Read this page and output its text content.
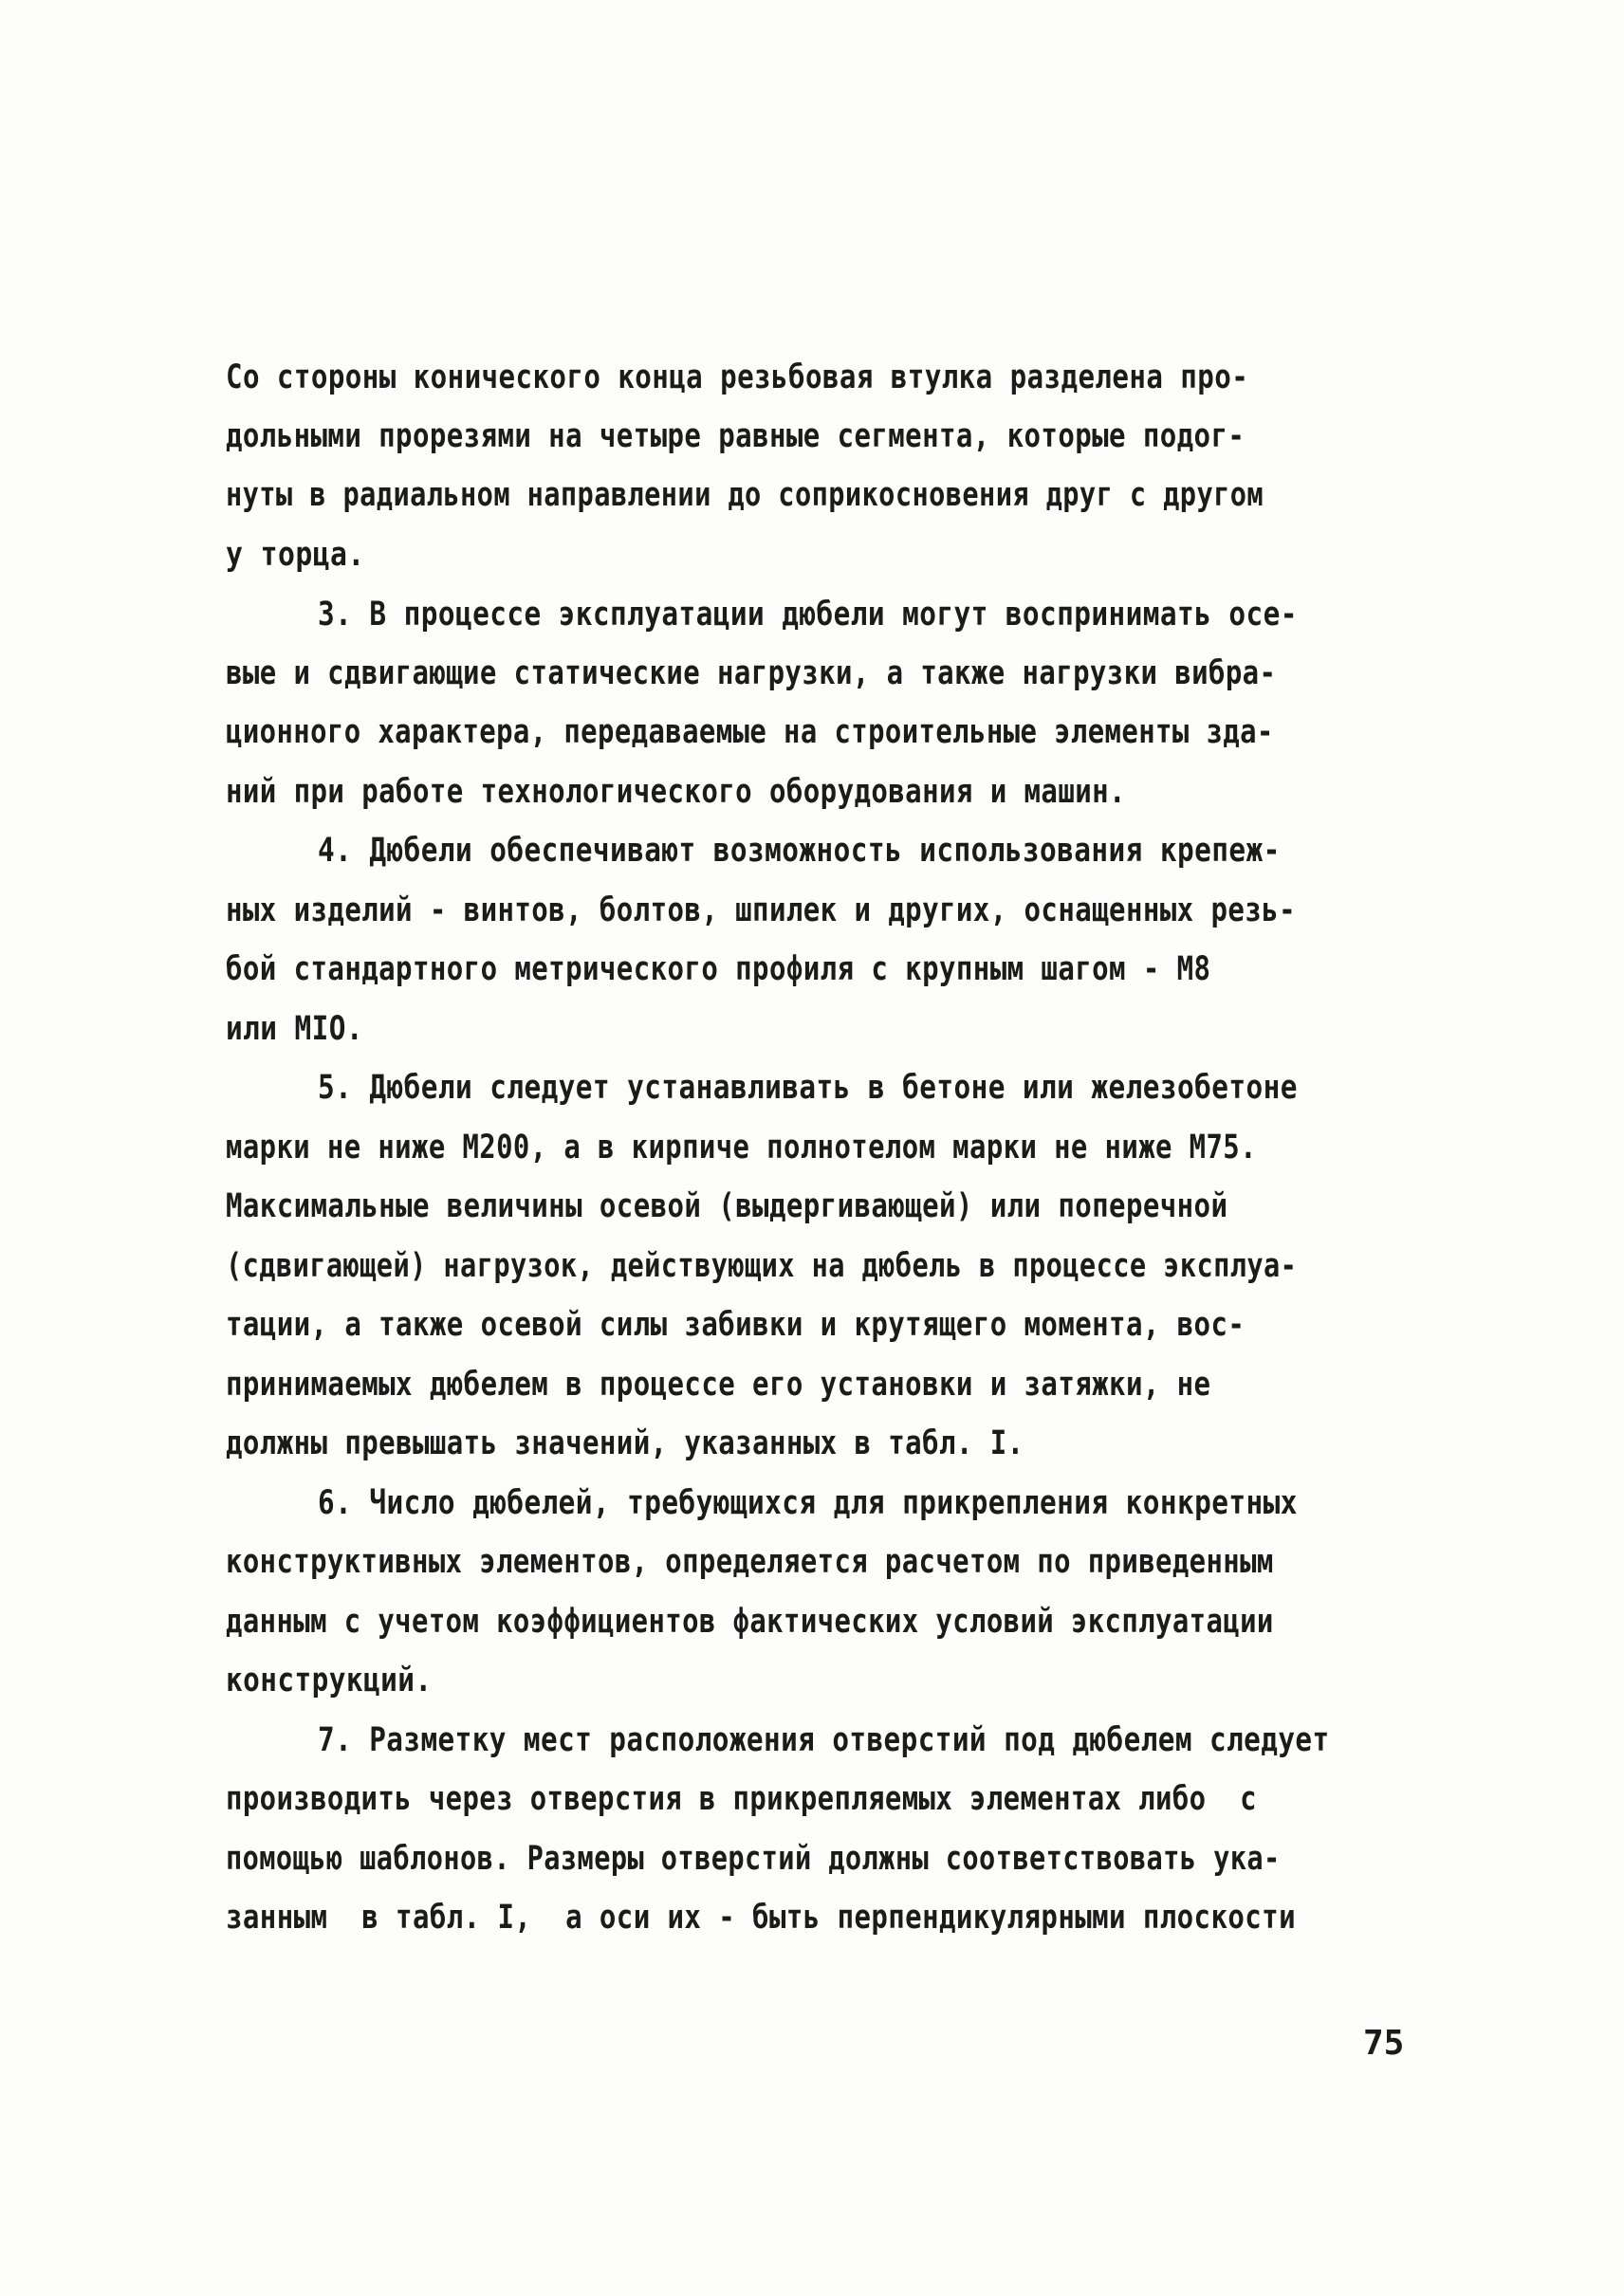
Со стороны конического конца резьбовая втулка разделена про-
дольными прорезями на четыре равные сегмента, которые подог-
нуты в радиальном направлении до соприкосновения друг с другом
у торца.
3. В процессе эксплуатации дюбели могут воспринимать осе-
вые и сдвигающие статические нагрузки, а также нагрузки вибра-
ционного характера, передаваемые на строительные элементы зда-
ний при работе технологического оборудования и машин.
4. Дюбели обеспечивают возможность использования крепеж-
ных изделий - винтов, болтов, шпилек и других, оснащенных резь-
бой стандартного метрического профиля с крупным шагом - М8
или МIО.
5. Дюбели следует устанавливать в бетоне или железобетоне
марки не ниже М200, а в кирпиче полнотелом марки не ниже М75.
Максимальные величины осевой (выдергивающей) или поперечной
(сдвигающей) нагрузок, действующих на дюбель в процессе эксплуа-
тации, а также осевой силы забивки и крутящего момента, вос-
принимаемых дюбелем в процессе его установки и затяжки, не
должны превышать значений, указанных в табл. I.
6. Число дюбелей, требующихся для прикрепления конкретных
конструктивных элементов, определяется расчетом по приведенным
данным с учетом коэффициентов фактических условий эксплуатации
конструкций.
7. Разметку мест расположения отверстий под дюбелем следует
производить через отверстия в прикрепляемых элементах либо  с
помощью шаблонов. Размеры отверстий должны соответствовать ука-
занным  в табл. I,  а оси их - быть перпендикулярными плоскости
75
